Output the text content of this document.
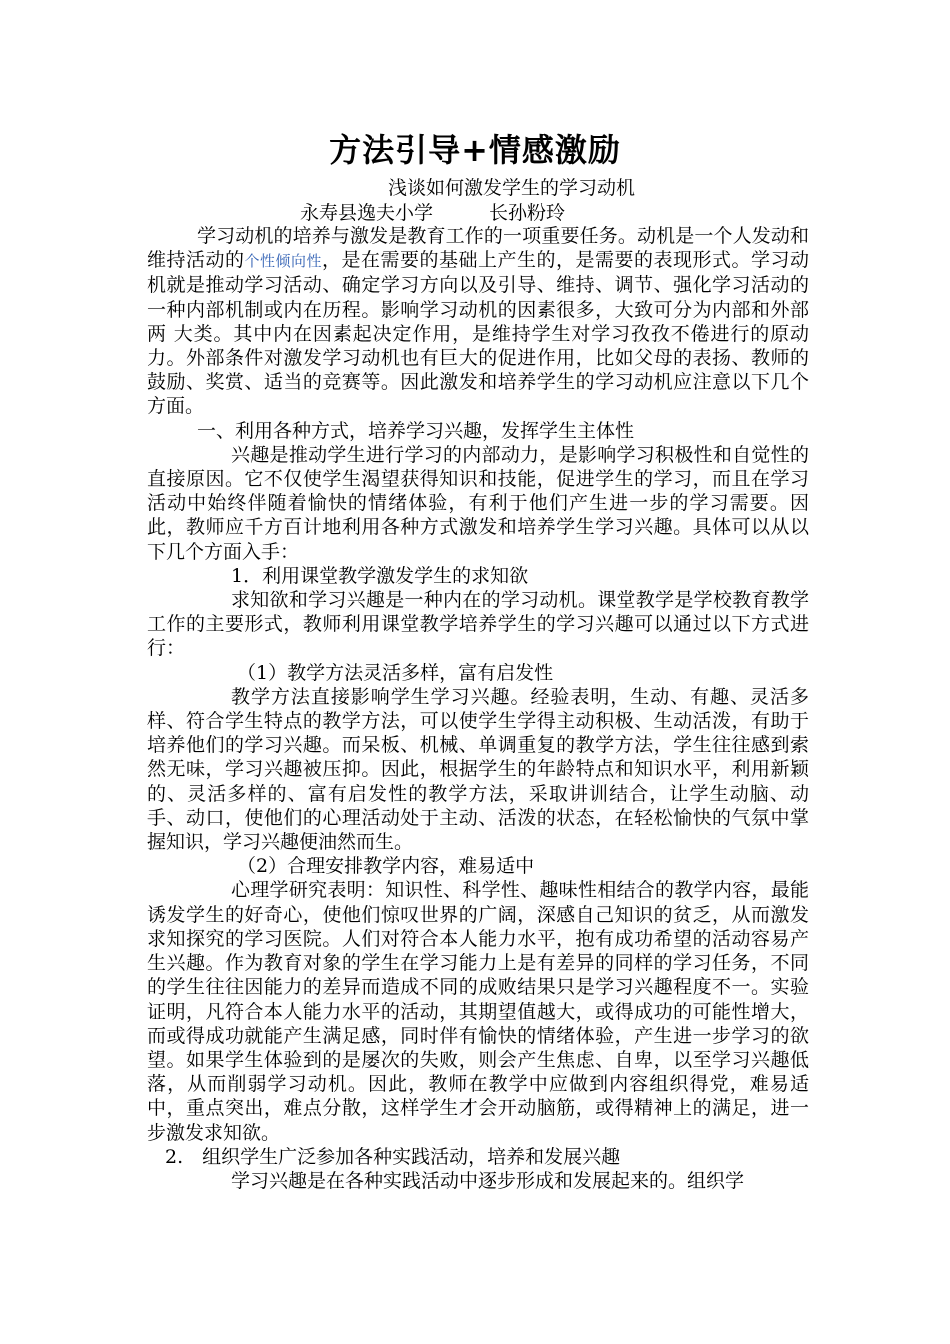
方法引导+情感激励
浅谈如何激发学生的学习动机
永寿县逸夫小学	长孙粉玲

学习动机的培养与激发是教育工作的一项重要任务。动机是一个人发动和维持活动的个性倾向性，是在需要的基础上产生的，是需要的表现形式。学习动机就是推动学习活动、确定学习方向以及引导、维持、调节、强化学习活动的一种内部机制或内在历程。影响学习动机的因素很多，大致可分为内部和外部两 大类。其中内在因素起决定作用，是维持学生对学习孜孜不倦进行的原动力。外部条件对激发学习动机也有巨大的促进作用，比如父母的表扬、教师的鼓励、奖赏、适当的竞赛等。因此激发和培养学生的学习动机应注意以下几个方面。

一、利用各种方式，培养学习兴趣，发挥学生主体性

兴趣是推动学生进行学习的内部动力，是影响学习积极性和自觉性的直接原因。它不仅使学生渴望获得知识和技能，促进学生的学习，而且在学习活动中始终伴随着愉快的情绪体验，有利于他们产生进一步的学习需要。因此，教师应千方百计地利用各种方式激发和培养学生学习兴趣。具体可以从以下几个方面入手：

1．利用课堂教学激发学生的求知欲

求知欲和学习兴趣是一种内在的学习动机。课堂教学是学校教育教学工作的主要形式，教师利用课堂教学培养学生的学习兴趣可以通过以下方式进行：

（1）教学方法灵活多样，富有启发性

教学方法直接影响学生学习兴趣。经验表明，生动、有趣、灵活多样、符合学生特点的教学方法，可以使学生学得主动积极、生动活泼，有助于培养他们的学习兴趣。而呆板、机械、单调重复的教学方法，学生往往感到索然无味，学习兴趣被压抑。因此，根据学生的年龄特点和知识水平，利用新颖的、灵活多样的、富有启发性的教学方法，采取讲训结合，让学生动脑、动手、动口，使他们的心理活动处于主动、活泼的状态，在轻松愉快的气氛中掌握知识，学习兴趣便油然而生。

（2）合理安排教学内容，难易适中

心理学研究表明：知识性、科学性、趣味性相结合的教学内容，最能诱发学生的好奇心，使他们惊叹世界的广阔，深感自己知识的贫乏，从而激发求知探究的学习医院。人们对符合本人能力水平，抱有成功希望的活动容易产生兴趣。作为教育对象的学生在学习能力上是有差异的同样的学习任务，不同的学生往往因能力的差异而造成不同的成败结果只是学习兴趣程度不一。实验证明，凡符合本人能力水平的活动，其期望值越大，或得成功的可能性增大，而或得成功就能产生满足感，同时伴有愉快的情绪体验，产生进一步学习的欲望。如果学生体验到的是屡次的失败，则会产生焦虑、自卑，以至学习兴趣低落，从而削弱学习动机。因此，教师在教学中应做到内容组织得党，难易适中，重点突出，难点分散，这样学生才会开动脑筋，或得精神上的满足，进一步激发求知欲。

2.　组织学生广泛参加各种实践活动，培养和发展兴趣

学习兴趣是在各种实践活动中逐步形成和发展起来的。组织学
